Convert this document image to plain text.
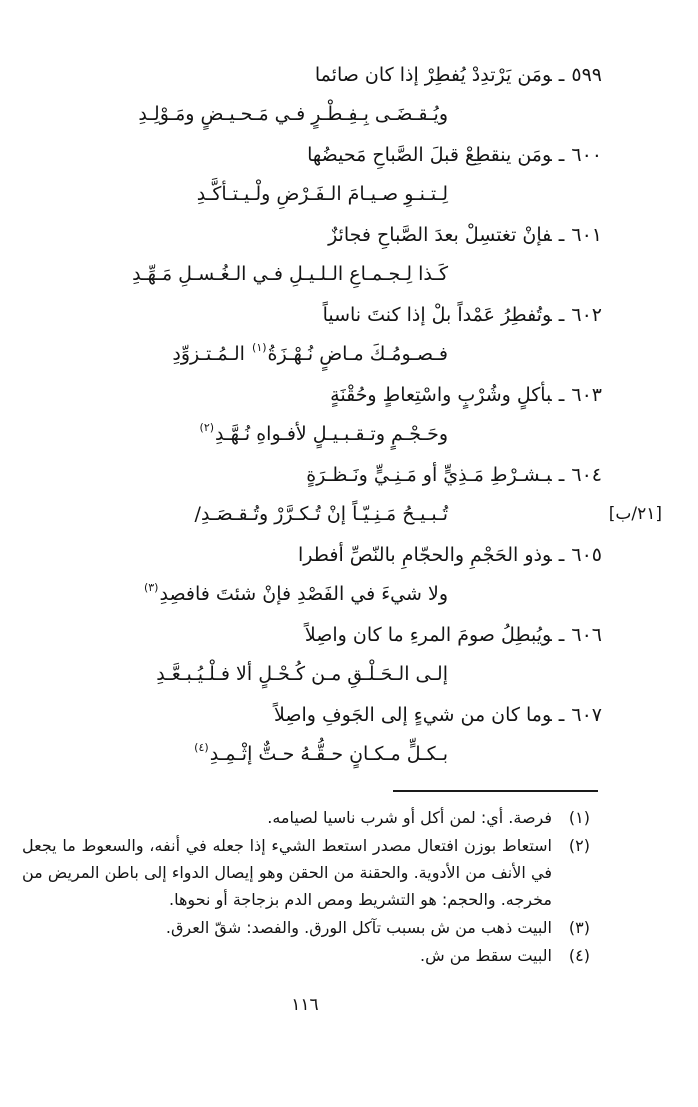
٥٩٩ـومَن يَرْتدِدْ يُفطِرْ إذا كان صائما
ويُـقـضَـى بِـفِـطْـرٍ فـي مَـحـيـضٍ ومَـوْلِـدِ
٦٠٠ـومَن ينقطِعْ قبلَ الصَّباحِ مَحيضُها
لِـتـنـوِ صـيـامَ الـفَـرْضِ ولْـيـتـأكَّـدِ
٦٠١ـفإنْ تغتسِلْ بعدَ الصَّباحِ فجائزٌ
كَـذا لِـجـمـاعِ الـلـيـلِ فـي الـغُـسـلِ مَـهِّـدِ
٦٠٢ـوتُفطِرُ عَمْداً بلْ إذا كنتَ ناسياً
فـصـومُـكَ مـاضٍ نُـهْـزَةُ$^{(١)}$ الـمُـتـزوِّدِ
٦٠٣ـبأكلٍ وشُرْبٍ واسْتِعاطٍ وحُقْنَةٍ
وحَـجْـمٍ وتـقـبـيـلٍ لأفـواهِ نُـهَّـدِ$^{(٢)}$
٦٠٤ـبـشـرْطِ مَـذِيٍّ أو مَـنِـيٍّ ونَـظـرَةٍ
تُـبـيـحُ مَـنِـيّـاً إنْ تُـكـرَّرْ وتُـقـصَـدِ/	[٢١/ب]
٦٠٥ـوذو الحَجْمِ والحجّامِ بالنّصِّ أفطرا
ولا شيءَ في الفَصْدِ فإنْ شئتَ فافصِدِ$^{(٣)}$
٦٠٦ـويُبطِلُ صومَ المرءِ ما كان واصِلاً
إلـى الـحَـلْـقِ مـن كُـحْـلٍ ألا فـلْـيُـبـعَّـدِ
٦٠٧ـوما كان من شيءٍ إلى الجَوفِ واصِلاً
بـكـلٍّ مـكـانٍ حـقُّـهُ حـتٌّ إثْـمِـدِ$^{(٤)}$
(١)
فرصة. أي: لمن أكل أو شرب ناسيا لصيامه.
(٢)
استعاط بوزن افتعال مصدر استعط الشيء إذا جعله في أنفه، والسعوط ما يجعل في الأنف من الأدوية. والحقنة من الحقن وهو إيصال الدواء إلى باطن المريض من مخرجه. والحجم: هو التشريط ومص الدم بزجاجة أو نحوها.
(٣)
البيت ذهب من ش بسبب تآكل الورق. والفصد: شقّ العرق.
(٤)
البيت سقط من ش.
١١٦
